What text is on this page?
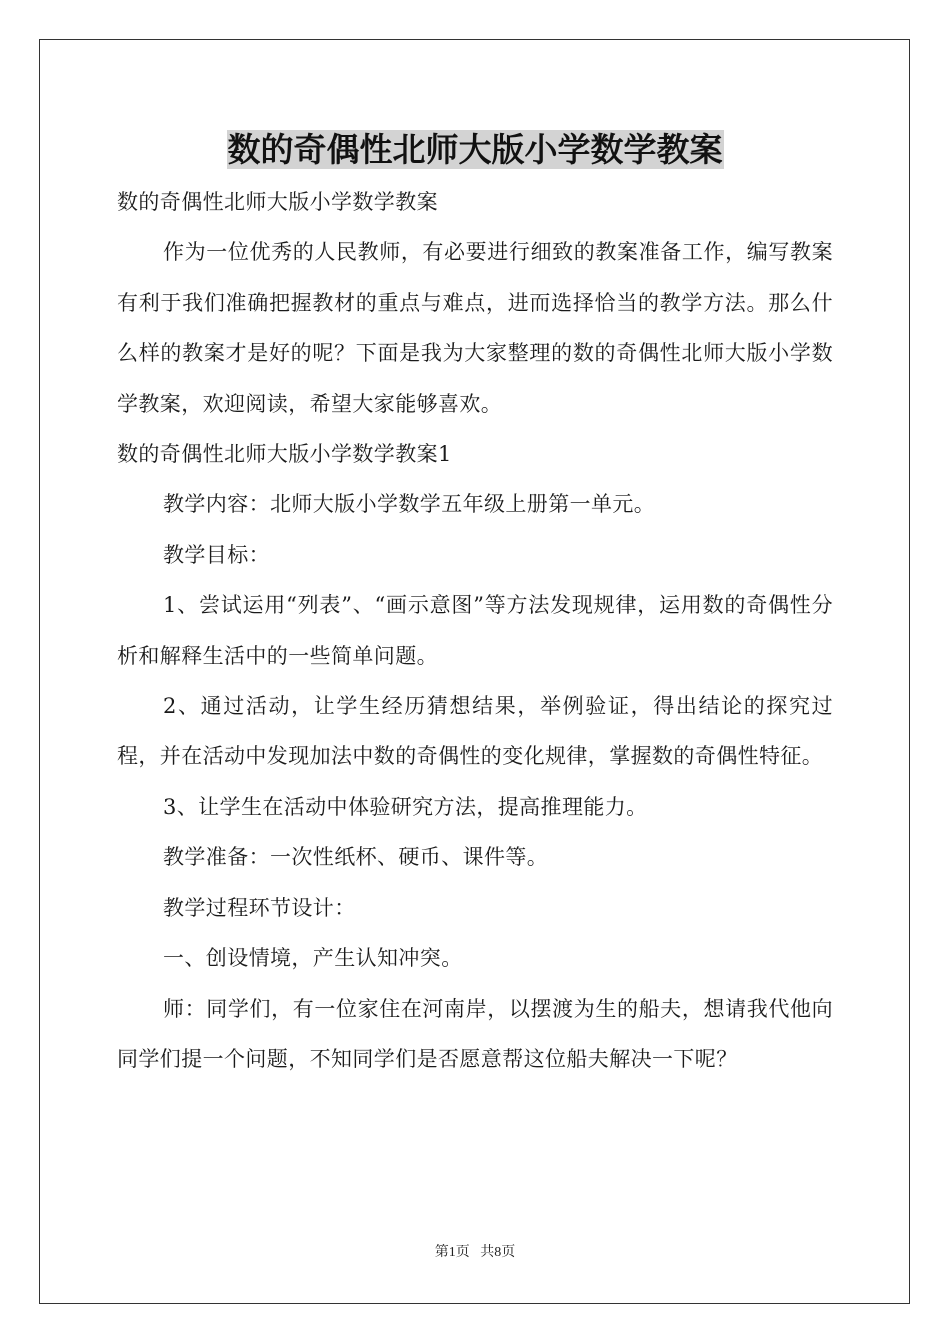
数的奇偶性北师大版小学数学教案

数的奇偶性北师大版小学数学教案

作为一位优秀的人民教师，有必要进行细致的教案准备工作，编写教案有利于我们准确把握教材的重点与难点，进而选择恰当的教学方法。那么什么样的教案才是好的呢？下面是我为大家整理的数的奇偶性北师大版小学数学教案，欢迎阅读，希望大家能够喜欢。

数的奇偶性北师大版小学数学教案1

教学内容：北师大版小学数学五年级上册第一单元。

教学目标：

1、尝试运用“列表”、“画示意图”等方法发现规律，运用数的奇偶性分析和解释生活中的一些简单问题。

2、通过活动，让学生经历猜想结果，举例验证，得出结论的探究过程，并在活动中发现加法中数的奇偶性的变化规律，掌握数的奇偶性特征。

3、让学生在活动中体验研究方法，提高推理能力。

教学准备：一次性纸杯、硬币、课件等。

教学过程环节设计：

一、创设情境，产生认知冲突。

师：同学们，有一位家住在河南岸，以摆渡为生的船夫，想请我代他向同学们提一个问题，不知同学们是否愿意帮这位船夫解决一下呢？

第1页   共8页
